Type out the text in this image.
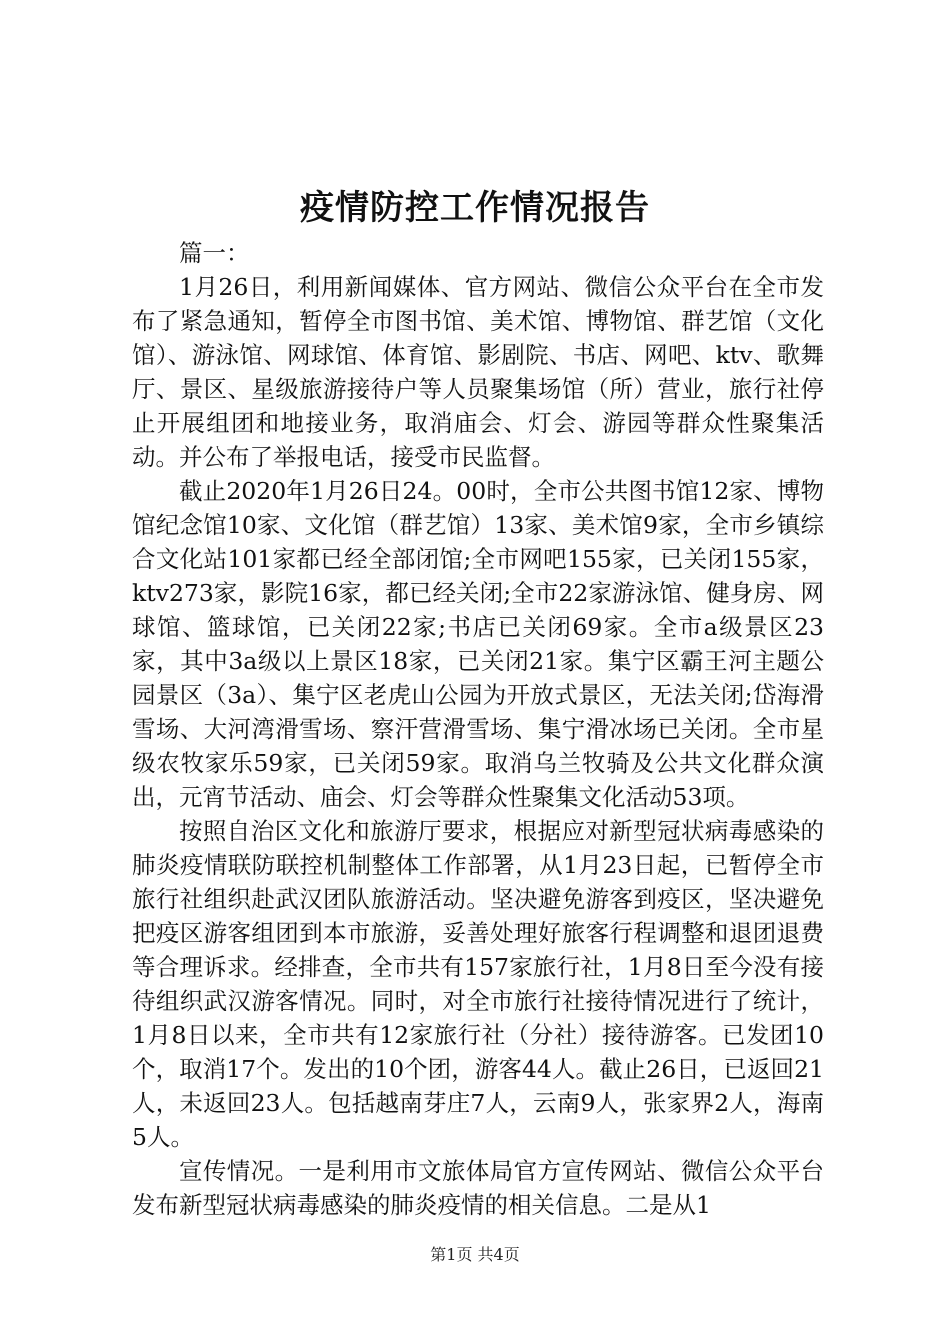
疫情防控工作情况报告

篇一：

1月26日，利用新闻媒体、官方网站、微信公众平台在全市发布了紧急通知，暂停全市图书馆、美术馆、博物馆、群艺馆（文化馆）、游泳馆、网球馆、体育馆、影剧院、书店、网吧、ktv、歌舞厅、景区、星级旅游接待户等人员聚集场馆（所）营业，旅行社停止开展组团和地接业务，取消庙会、灯会、游园等群众性聚集活动。并公布了举报电话，接受市民监督。

截止2020年1月26日24。00时，全市公共图书馆12家、博物馆纪念馆10家、文化馆（群艺馆）13家、美术馆9家，全市乡镇综合文化站101家都已经全部闭馆;全市网吧155家，已关闭155家，ktv273家，影院16家，都已经关闭;全市22家游泳馆、健身房、网球馆、篮球馆，已关闭22家;书店已关闭69家。全市a级景区23家，其中3a级以上景区18家，已关闭21家。集宁区霸王河主题公园景区（3a）、集宁区老虎山公园为开放式景区，无法关闭;岱海滑雪场、大河湾滑雪场、察汗营滑雪场、集宁滑冰场已关闭。全市星级农牧家乐59家，已关闭59家。取消乌兰牧骑及公共文化群众演出，元宵节活动、庙会、灯会等群众性聚集文化活动53项。

按照自治区文化和旅游厅要求，根据应对新型冠状病毒感染的肺炎疫情联防联控机制整体工作部署，从1月23日起，已暂停全市旅行社组织赴武汉团队旅游活动。坚决避免游客到疫区，坚决避免把疫区游客组团到本市旅游，妥善处理好旅客行程调整和退团退费等合理诉求。经排查，全市共有157家旅行社，1月8日至今没有接待组织武汉游客情况。同时，对全市旅行社接待情况进行了统计，1月8日以来，全市共有12家旅行社（分社）接待游客。已发团10个，取消17个。发出的10个团，游客44人。截止26日，已返回21人，未返回23人。包括越南芽庄7人，云南9人，张家界2人，海南5人。

宣传情况。一是利用市文旅体局官方宣传网站、微信公众平台发布新型冠状病毒感染的肺炎疫情的相关信息。二是从1

第1页 共4页
